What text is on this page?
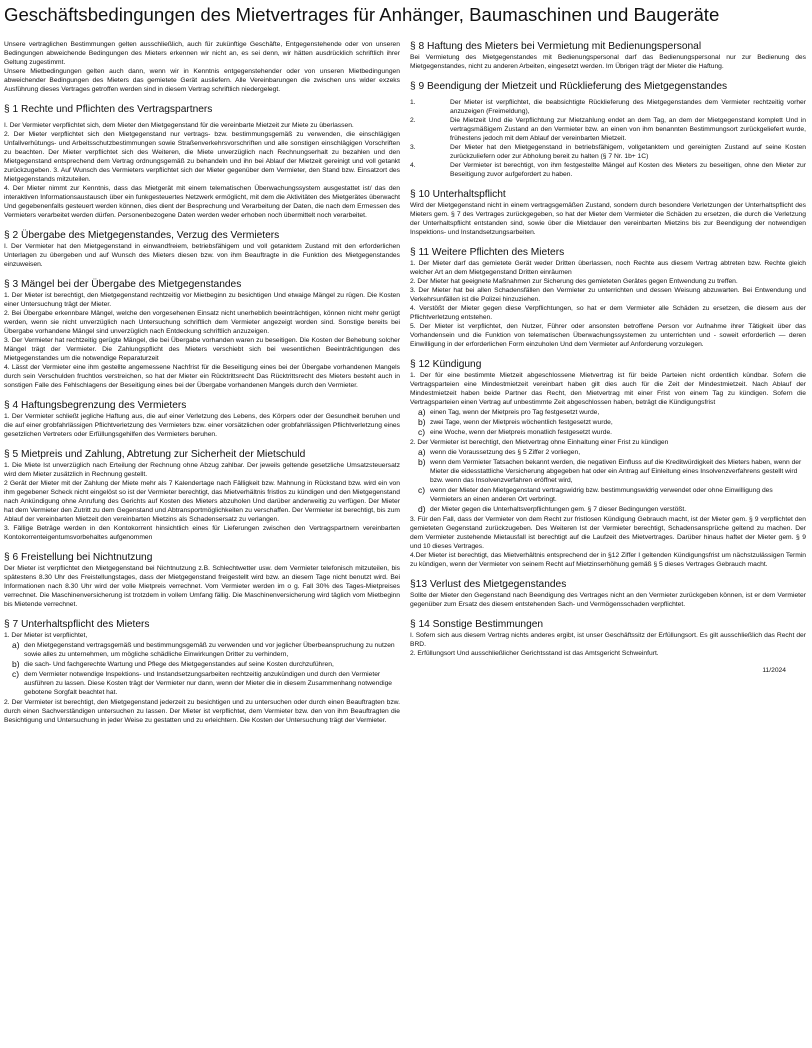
Geschäftsbedingungen des Mietvertrages für Anhänger, Baumaschinen und Baugeräte

Unsere vertraglichen Bestimmungen gelten ausschließlich, auch für zukünftige Geschäfte, Entgegenstehende oder von unseren Bedingungen abweichende Bedingungen des Mieters erkennen wir nicht an, es sei denn, wir hätten ausdrücklich schriftlich ihrer Geltung zugestimmt.

Unsere Mietbedingungen gelten auch dann, wenn wir in Kenntnis entgegenstehender oder von unseren Mietbedingungen abweichender Bedingungen des Mieters das gemietete Gerät ausliefern. Alle Vereinbarungen die zwischen uns wider exzeks Ausführung dieses Vertrages getroffen werden sind in diesem Vertrag schriftlich niedergelegt.

§ 1 Rechte und Pflichten des Vertragspartners

I. Der Vermieter verpflichtet sich, dem Mieter den Mietgegenstand für die vereinbarte Mietzeit zur Miete zu überlassen.

2. Der Mieter verpflichtet sich den Mietgegenstand nur vertrags- bzw. bestimmungsgemäß zu verwenden, die einschlägigen Unfallverhütungs- und Arbeitsschutzbestimmungen sowie Straßenverkehrsvorschriften und alle sonstigen einschlägigen Vorschriften zu beachten. Der Mieter verpflichtet sich des Weiteren, die Miete unverzüglich nach Rechnungserhalt zu bezahlen und den Mietgegenstand entsprechend dem Vertrag ordnungsgemäß zu behandeln und ihn bei Ablauf der Mietzeit gereinigt und voll getankt zurückzugeben. 3. Auf Wunsch des Vermieters verpflichtet sich der Mieter gegenüber dem Vermieter, den Stand bzw. Einsatzort des Mietgegenstands mitzuteilen.

4. Der Mieter nimmt zur Kenntnis, dass das Mietgerät mit einem telematischen Überwachungssystem ausgestattet ist/ das den interaktiven Informationsaustausch über ein funkgesteuertes Netzwerk ermöglicht, mit dem die Aktivitäten des Mietgerätes überwacht Und gegebenenfalls gesteuert werden können, dies dient der Besprechung und Verarbeitung der Daten, die nach dem Ermessen des Vermieters verarbeitet werden dürfen. Personenbezogene Daten werden weder erhoben noch übermittelt noch verarbeitet.

§ 2 Übergabe des Mietgegenstandes, Verzug des Vermieters

I. Der Vermieter hat den Mietgegenstand in einwandfreiem, betriebsfähigem und voll getanktem Zustand mit den erforderlichen Unterlagen zu übergeben und auf Wunsch des Mieters diesen bzw. von ihm Beauftragte in die Funktion des Mietgegenstandes einzuweisen.

§ 3 Mängel bei der Übergabe des Mietgegenstandes

1. Der Mieter ist berechtigt, den Mietgegenstand rechtzeitig vor Mietbeginn zu besichtigen Und etwaige Mängel zu rügen. Die Kosten einer Untersuchung trägt der Mieter.

2. Bei Übergabe erkennbare Mängel, welche den vorgesehenen Einsatz nicht unerheblich beeinträchtigen, können nicht mehr gerügt werden, wenn sie nicht unverzüglich nach Untersuchung schriftlich dem Vermieter angezeigt worden sind. Sonstige bereits bei Übergabe vorhandene Mängel sind unverzüglich nach Entdeckung schriftlich anzuzeigen.

3. Der Vermieter hat rechtzeitig gerügte Mängel, die bei Übergabe vorhanden waren zu beseitigen. Die Kosten der Behebung solcher Mängel trägt der Vermieter. Die Zahlungspflicht des Mieters verschiebt sich bei wesentlichen Beeinträchtigungen des Mietgegenstandes um die notwendige Reparaturzeit

4. Lässt der Vermieter eine ihm gestellte angemessene Nachfrist für die Beseitigung eines bei der Übergabe vorhandenen Mangels durch sein Verschulden fruchtlos verstreichen, so hat der Mieter ein Rücktrittsrecht Das Rücktrittsrecht des Mieters besteht auch in sonstigen Falle des Fehlschlagens der Beseitigung eines bei der Übergabe vorhandenen Mangels durch den Vermieter.

§ 4 Haftungsbegrenzung des Vermieters

1. Der Vermieter schließt jegliche Haftung aus, die auf einer Verletzung des Lebens, des Körpers oder der Gesundheit beruhen und die auf einer grobfahrlässigen Pflichtverletzung des Vermieters bzw. einer vorsätzlichen oder grobfahrlässigen Pflichtverletzung eines gesetzlichen Vertreters oder Erfüllungsgehilfen des Vermieters beruhen.

§ 5 Mietpreis und Zahlung, Abtretung zur Sicherheit der Mietschuld

1. Die Miete Ist unverzüglich nach Erteilung der Rechnung ohne Abzug zahlbar. Der jeweils geltende gesetzliche Umsatzsteuersatz wird dem Mieter zusätzlich in Rechnung gestellt.

2 Gerät der Mieter mit der Zahlung der Miete mehr als 7 Kalendertage nach Fälligkeit bzw. Mahnung in Rückstand bzw. wird ein von ihm gegebener Scheck nicht eingelöst so ist der Vermieter berechtigt, das Mietverhältnis fristlos zu kündigen und den Mietgegenstand nach Ankündigung ohne Anrufung des Gerichts auf Kosten des Mieters abzuholen Und darüber anderweitig zu verfügen. Der Mieter hat dem Vermieter den Zutritt zu dem Gegenstand und Abtransportmöglichkeiten zu verschaffen. Der Vermieter ist berechtigt, bis zum Ablauf der vereinbarten Mietzeit den vereinbarten Mietzins als Schadensersatz zu verlangen.

3. Fällige Beträge werden in den Kontokorrent hinsichtlich eines für Lieferungen zwischen den Vertragspartnern vereinbarten Kontokorrenteigentumsvorbehaltes aufgenommen

§ 6 Freistellung bei Nichtnutzung

Der Mieter ist verpflichtet den Mietgegenstand bei Nichtnutzung z.B. Schlechtwetter usw. dem Vermieter telefonisch mitzuteilen, bis spätestens 8.30 Uhr des Freistellungstages, dass der Mietgegenstand freigestellt wird bzw. an diesem Tage nicht benutzt wird. Bei Informationen nach 8.30 Uhr wird der volle Mietpreis verrechnet. Vom Vermieter werden im o g. Fall 30% des Tages-Mietpreises verrechnet. Die Maschinenversicherung ist trotzdem in vollem Umfang fällig. Die Maschinenversicherung wird täglich vom Mietbeginn bis Mietende verrechnet.

§ 7 Unterhaltspflicht des Mieters

1. Der Mieter ist verpflichtet,

a) den Mietgegenstand vertragsgemäß und bestimmungsgemäß zu verwenden und vor jeglicher Überbeanspruchung zu nutzen sowie alles zu unternehmen, um mögliche schädliche Einwirkungen Dritter zu verhindern,
b) die sach- Und fachgerechte Wartung und Pflege des Mietgegenstandes auf seine Kosten durchzuführen,
c) dem Vermieter notwendige Inspektions- und Instandsetzungsarbeiten rechtzeitig anzukündigen und durch den Vermieter ausführen zu lassen. Diese Kosten trägt der Vermieter nur dann, wenn der Mieter die in diesem Zusammenhang notwendige gebotene Sorgfalt beachtet hat.

2. Der Vermieter ist berechtigt, den Mietgegenstand jederzeit zu besichtigen und zu untersuchen oder durch einen Beauftragten bzw. durch einen Sachverständigen untersuchen zu lassen. Der Mieter ist verpflichtet, dem Vermieter bzw. den von ihm Beauftragten die Besichtigung und Untersuchung in jeder Weise zu gestatten und zu erleichtern. Die Kosten der Untersuchung trägt der Vermieter.

§ 8 Haftung des Mieters bei Vermietung mit Bedienungspersonal

Bei Vermietung des Mietgegenstandes mit Bedienungspersonal darf das Bedienungspersonal nur zur Bedienung des Mietgegenstandes, nicht zu anderen Arbeiten, eingesetzt werden. Im Übrigen trägt der Mieter die Haftung.

§ 9 Beendigung der Mietzeit und Rücklieferung des Mietgegenstandes
1.	Der Mieter ist verpflichtet, die beabsichtigte Rücklieferung des Mietgegenstandes dem Vermieter rechtzeitig vorher anzuzeigen (Freimeldung),
2.	Die Mietzeit Und die Verpflichtung zur Mietzahlung endet an dem Tag, an dem der Mietgegenstand komplett Und in vertragsmäßigem Zustand an den Vermieter bzw. an einen von ihm benannten Bestimmungsort zurückgeliefert wurde, frühestens jedoch mit dem Ablauf der vereinbarten Mietzeit.
3.	Der Mieter hat den Mietgegenstand in betriebsfähigem, vollgetanktem und gereinigten Zustand auf seine Kosten zurückzuliefern oder zur Abholung bereit zu halten (§ 7 Nr. 1b+ 1C)
4.	Der Vermieter ist berechtigt, von ihm festgestellte Mängel auf Kosten des Mieters zu beseitigen, ohne den Mieter zur Beseitigung zuvor aufgefordert zu haben.
§ 10 Unterhaltspflicht

Wird der Mietgegenstand nicht in einem vertragsgemäßen Zustand, sondern durch besondere Verletzungen der Unterhaltspflicht des Mieters gem. § 7 des Vertrages zurückgegeben, so hat der Mieter dem Vermieter die Schäden zu ersetzen, die durch die Verletzung der Unterhaltspflicht entstanden sind, sowie über die Mietdauer den vereinbarten Mietzins bis zur Beendigung der notwendigen Inspektions- und Instandsetzungsarbeiten.

§ 11 Weitere Pflichten des Mieters

1. Der Mieter darf das gemietete Gerät weder Dritten überlassen, noch Rechte aus diesem Vertrag abtreten bzw. Rechte gleich welcher Art an dem Mietgegenstand Dritten einräumen

2. Der Mieter hat geeignete Maßnahmen zur Sicherung des gemieteten Gerätes gegen Entwendung zu treffen.

3. Der Mieter hat bei allen Schadensfällen den Vermieter zu unterrichten und dessen Weisung abzuwarten. Bei Entwendung und Verkehrsunfällen ist die Polizei hinzuziehen.

4. Verstößt der Mieter gegen diese Verpflichtungen, so hat er dem Vermieter alle Schäden zu ersetzen, die diesem aus der Pflichtverletzung entstehen.

5. Der Mieter ist verpflichtet, den Nutzer, Führer oder ansonsten betroffene Person vor Aufnahme ihrer Tätigkeit über das Vorhandensein und die Funktion von telematischen Überwachungssystemen zu unterrichten und - soweit erforderlich — deren Einwilligung in der erforderlichen Form einzuholen Und dem Vermieter auf Anforderung vorzulegen.

§ 12 Kündigung

1. Der für eine bestimmte Mietzeit abgeschlossene Mietvertrag ist für beide Parteien nicht ordentlich kündbar. Sofern die Vertragsparteien eine Mindestmietzeit vereinbart haben gilt dies auch für die Zeit der Mindestmietzeit. Nach Ablauf der Mindestmietzeit haben beide Partner das Recht, den Mietvertrag mit einer Frist von einem Tag zu kündigen. Sofern die Vertragsparteien einen Vertrag auf unbestimmte Zeit abgeschlossen haben, beträgt die Kündigungsfrist

a) einen Tag, wenn der Mietpreis pro Tag festgesetzt wurde,
b) zwei Tage, wenn der Mietpreis wöchentlich festgesetzt wurde,
c) eine Woche, wenn der Mietpreis monatlich festgesetzt wurde.

2. Der Vermieter ist berechtigt, den Mietvertrag ohne Einhaltung einer Frist zu kündigen

a) wenn die Voraussetzung des § 5 Ziffer 2 vorliegen,
b) wenn dem Vermieter Tatsachen bekannt werden, die negativen Einfluss auf die Kreditwürdigkeit des Mieters haben, wenn der Mieter die eidesstattliche Versicherung abgegeben hat oder ein Antrag auf Einleitung eines Insolvenzverfahrens gestellt wird bzw. wenn das Insolvenzverfahren eröffnet wird,
c) wenn der Mieter den Mietgegenstand vertragswidrig bzw. bestimmungswidrig verwendet oder ohne Einwilligung des Vermieters an einen anderen Ort verbringt.
d) der Mieter gegen die Unterhaltsverpflichtungen gem. § 7 dieser Bedingungen verstößt.

3. Für den Fall, dass der Vermieter von dem Recht zur fristlosen Kündigung Gebrauch macht, ist der Mieter gem. § 9 verpflichtet den gemieteten Gegenstand zurückzugeben. Des Weiteren Ist der Vermieter berechtigt, Schadensansprüche geltend zu machen. Der dem Vermieter zustehende Mietausfall ist berechtigt auf die Laufzeit des Mietvertrages. Darüber hinaus haftet der Mieter gem. § 9 und 10 dieses Vertrages.

4.Der Mieter ist berechtigt, das Mietverhältnis entsprechend der in §12 Ziffer I geltenden Kündigungsfrist um nächstzulässigen Termin zu kündigen, wenn der Vermieter von seinem Recht auf Mietzinserhöhung gemäß § 5 dieses Vertrages Gebrauch macht.

§13 Verlust des Mietgegenstandes

Sollte der Mieter den Gegenstand nach Beendigung des Vertrages nicht an den Vermieter zurückgeben können, ist er dem Vermieter gegenüber zum Ersatz des diesem entstehenden Sach- und Vermögensschaden verpflichtet.

§ 14 Sonstige Bestimmungen

I. Sofern sich aus diesem Vertrag nichts anderes ergibt, ist unser Geschäftssitz der Erfüllungsort. Es gilt ausschließlich das Recht der BRD.

2. Erfüllungsort Und ausschließlicher Gerichtsstand ist das Amtsgericht Schweinfurt.

11/2024
